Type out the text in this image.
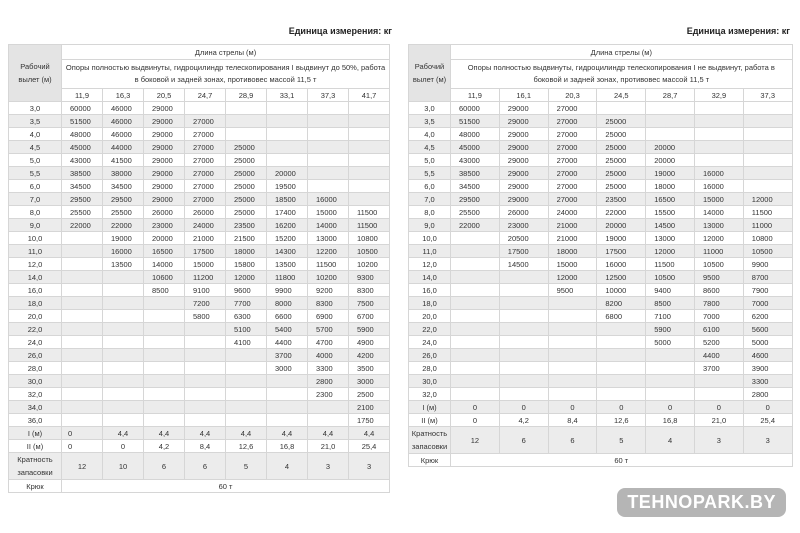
Единица измерения: кг	Единица измерения: кг
Рабочий вылет (м)	Длина стрелы (м)							
	Опоры полностью выдвинуты, гидроцилиндр телескопирования I выдвинут до 50%, работа в боковой и задней зонах, противовес массой 11,5 т							
	11,9	16,3	20,5	24,7	28,9	33,1	37,3	41,7
3,0	60000	46000	29000					
3,5	51500	46000	29000	27000				
4,0	48000	46000	29000	27000				
4,5	45000	44000	29000	27000	25000			
5,0	43000	41500	29000	27000	25000			
5,5	38500	38000	29000	27000	25000	20000		
6,0	34500	34500	29000	27000	25000	19500		
7,0	29500	29500	29000	27000	25000	18500	16000	
8,0	25500	25500	26000	26000	25000	17400	15000	11500
9,0	22000	22000	23000	24000	23500	16200	14000	11500
10,0		19000	20000	21000	21500	15200	13000	10800
11,0		16000	16500	17500	18000	14300	12200	10500
12,0		13500	14000	15000	15800	13500	11500	10200
14,0			10600	11200	12000	11800	10200	9300
16,0			8500	9100	9600	9900	9200	8300
18,0				7200	7700	8000	8300	7500
20,0				5800	6300	6600	6900	6700
22,0					5100	5400	5700	5900
24,0					4100	4400	4700	4900
26,0						3700	4000	4200
28,0						3000	3300	3500
30,0							2800	3000
32,0							2300	2500
34,0								2100
36,0								1750
I (м)	0	4,4	4,4	4,4	4,4	4,4	4,4	4,4
II (м)	0	0	4,2	8,4	12,6	16,8	21,0	25,4
Кратность запасовки	12	10	6	6	5	4	3	3
Крюк	60 т							
Рабочий вылет (м)	Длина стрелы (м)						
	Опоры полностью выдвинуты, гидроцилиндр телескопирования I не выдвинут, работа в боковой и задней зонах, противовес массой 11,5 т						
	11,9	16,1	20,3	24,5	28,7	32,9	37,3
3,0	60000	29000	27000				
3,5	51500	29000	27000	25000			
4,0	48000	29000	27000	25000			
4,5	45000	29000	27000	25000	20000		
5,0	43000	29000	27000	25000	20000		
5,5	38500	29000	27000	25000	19000	16000	
6,0	34500	29000	27000	25000	18000	16000	
7,0	29500	29000	27000	23500	16500	15000	12000
8,0	25500	26000	24000	22000	15500	14000	11500
9,0	22000	23000	21000	20000	14500	13000	11000
10,0		20500	21000	19000	13000	12000	10800
11,0		17500	18000	17500	12000	11000	10500
12,0		14500	15000	16000	11500	10500	9900
14,0			12000	12500	10500	9500	8700
16,0			9500	10000	9400	8600	7900
18,0				8200	8500	7800	7000
20,0				6800	7100	7000	6200
22,0					5900	6100	5600
24,0					5000	5200	5000
26,0						4400	4600
28,0						3700	3900
30,0							3300
32,0							2800
I (м)	0	0	0	0	0	0	0
II (м)	0	4,2	8,4	12,6	16,8	21,0	25,4
Кратность запасовки	12	6	6	5	4	3	3
Крюк	60 т						
TEHNOPARK.BY
